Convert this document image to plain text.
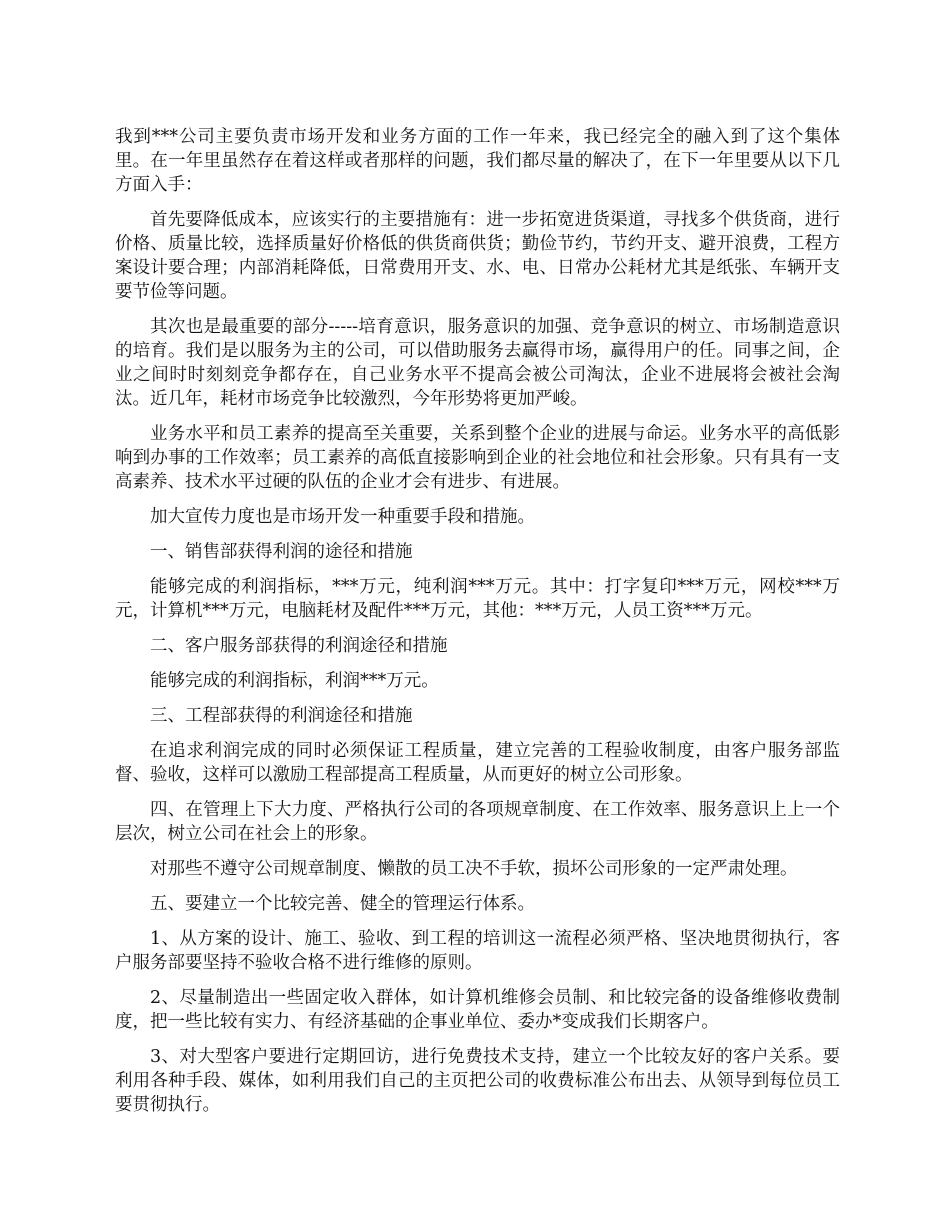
我到***公司主要负责市场开发和业务方面的工作一年来，我已经完全的融入到了这个集体里。在一年里虽然存在着这样或者那样的问题，我们都尽量的解决了，在下一年里要从以下几方面入手：

首先要降低成本，应该实行的主要措施有：进一步拓宽进货渠道，寻找多个供货商，进行价格、质量比较，选择质量好价格低的供货商供货；勤俭节约，节约开支、避开浪费，工程方案设计要合理；内部消耗降低，日常费用开支、水、电、日常办公耗材尤其是纸张、车辆开支要节俭等问题。

其次也是最重要的部分-----培育意识，服务意识的加强、竞争意识的树立、市场制造意识的培育。我们是以服务为主的公司，可以借助服务去赢得市场，赢得用户的任。同事之间，企业之间时时刻刻竞争都存在，自己业务水平不提高会被公司淘汰，企业不进展将会被社会淘汰。近几年，耗材市场竞争比较激烈，今年形势将更加严峻。

业务水平和员工素养的提高至关重要，关系到整个企业的进展与命运。业务水平的高低影响到办事的工作效率；员工素养的高低直接影响到企业的社会地位和社会形象。只有具有一支高素养、技术水平过硬的队伍的企业才会有进步、有进展。

加大宣传力度也是市场开发一种重要手段和措施。

一、销售部获得利润的途径和措施

能够完成的利润指标，***万元，纯利润***万元。其中：打字复印***万元，网校***万元，计算机***万元，电脑耗材及配件***万元，其他：***万元，人员工资***万元。

二、客户服务部获得的利润途径和措施

能够完成的利润指标，利润***万元。

三、工程部获得的利润途径和措施

在追求利润完成的同时必须保证工程质量，建立完善的工程验收制度，由客户服务部监督、验收，这样可以激励工程部提高工程质量，从而更好的树立公司形象。

四、在管理上下大力度、严格执行公司的各项规章制度、在工作效率、服务意识上上一个层次，树立公司在社会上的形象。

对那些不遵守公司规章制度、懒散的员工决不手软，损坏公司形象的一定严肃处理。

五、要建立一个比较完善、健全的管理运行体系。

1、从方案的设计、施工、验收、到工程的培训这一流程必须严格、坚决地贯彻执行，客户服务部要坚持不验收合格不进行维修的原则。

2、尽量制造出一些固定收入群体，如计算机维修会员制、和比较完备的设备维修收费制度，把一些比较有实力、有经济基础的企事业单位、委办*变成我们长期客户。

3、对大型客户要进行定期回访，进行免费技术支持，建立一个比较友好的客户关系。要利用各种手段、媒体，如利用我们自己的主页把公司的收费标准公布出去、从领导到每位员工要贯彻执行。
